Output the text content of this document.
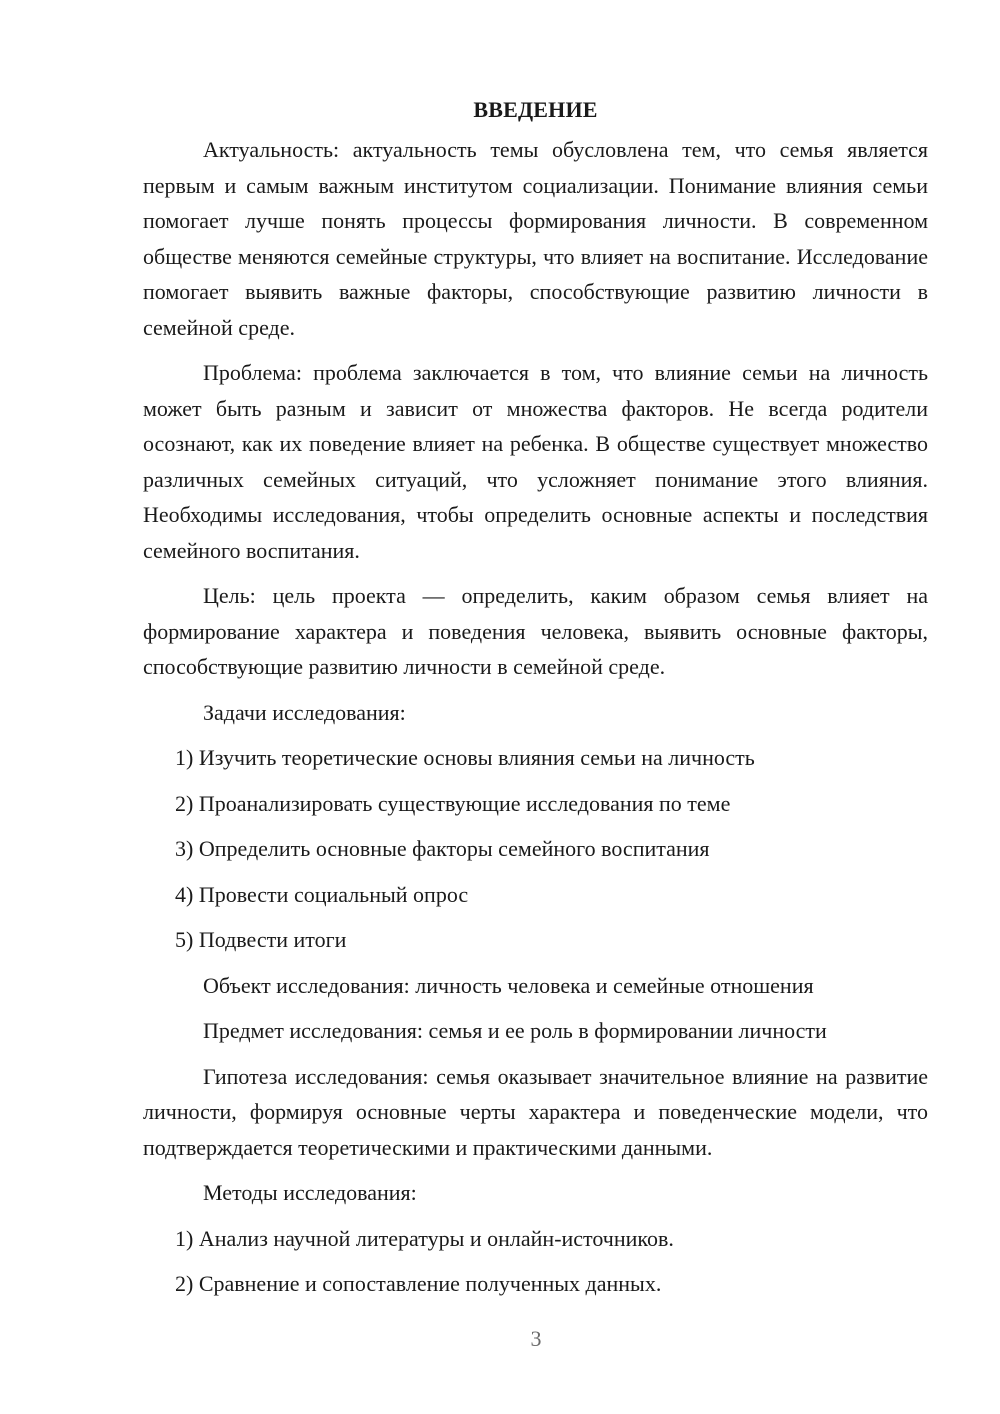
ВВЕДЕНИЕ

Актуальность: актуальность темы обусловлена тем, что семья является первым и самым важным институтом социализации. Понимание влияния семьи помогает лучше понять процессы формирования личности. В современном обществе меняются семейные структуры, что влияет на воспитание. Исследование помогает выявить важные факторы, способствующие развитию личности в семейной среде.

Проблема: проблема заключается в том, что влияние семьи на личность может быть разным и зависит от множества факторов. Не всегда родители осознают, как их поведение влияет на ребенка. В обществе существует множество различных семейных ситуаций, что усложняет понимание этого влияния. Необходимы исследования, чтобы определить основные аспекты и последствия семейного воспитания.

Цель: цель проекта — определить, каким образом семья влияет на формирование характера и поведения человека, выявить основные факторы, способствующие развитию личности в семейной среде.

Задачи исследования:

1) Изучить теоретические основы влияния семьи на личность

2) Проанализировать существующие исследования по теме

3) Определить основные факторы семейного воспитания

4) Провести социальный опрос

5) Подвести итоги

Объект исследования: личность человека и семейные отношения

Предмет исследования: семья и ее роль в формировании личности

Гипотеза исследования: семья оказывает значительное влияние на развитие личности, формируя основные черты характера и поведенческие модели, что подтверждается теоретическими и практическими данными.

Методы исследования:

1) Анализ научной литературы и онлайн-источников.

2) Сравнение и сопоставление полученных данных.

3
